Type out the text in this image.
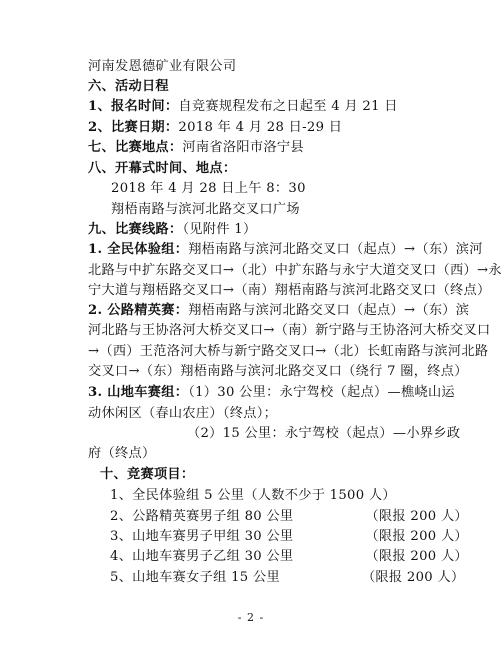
河南发恩德矿业有限公司
六、活动日程
1、报名时间：自竞赛规程发布之日起至 4 月 21 日
2、比赛日期：2018 年 4 月 28 日-29 日
七、比赛地点：河南省洛阳市洛宁县
八、开幕式时间、地点：
2018 年 4 月 28 日上午 8：30
翔梧南路与滨河北路交叉口广场
九、比赛线路：（见附件 1）
1. 全民体验组：翔梧南路与滨河北路交叉口（起点）→（东）滨河
北路与中扩东路交叉口→（北）中扩东路与永宁大道交叉口（西）→永
宁大道与翔梧路交叉口→（南）翔梧南路与滨河北路交叉口（终点）
2. 公路精英赛：翔梧南路与滨河北路交叉口（起点）→（东）滨
河北路与王协洛河大桥交叉口→（南）新宁路与王协洛河大桥交叉口
→（西）王范洛河大桥与新宁路交叉口→（北）长虹南路与滨河北路
交叉口→（东）翔梧南路与滨河北路交叉口（绕行 7 圈，终点）
3. 山地车赛组：（1）30 公里：永宁驾校（起点）—樵峣山运
动休闲区（春山农庄）（终点）；
（2）15 公里：永宁驾校（起点）—小界乡政
府（终点）
十、竞赛项目：
1、全民体验组 5 公里（人数不少于 1500 人）
2、公路精英赛男子组 80 公里	（限报 200 人）
3、山地车赛男子甲组 30 公里	（限报 200 人）
4、山地车赛男子乙组 30 公里	（限报 200 人）
5、山地车赛女子组 15 公里	（限报 200 人）
- 2 -
